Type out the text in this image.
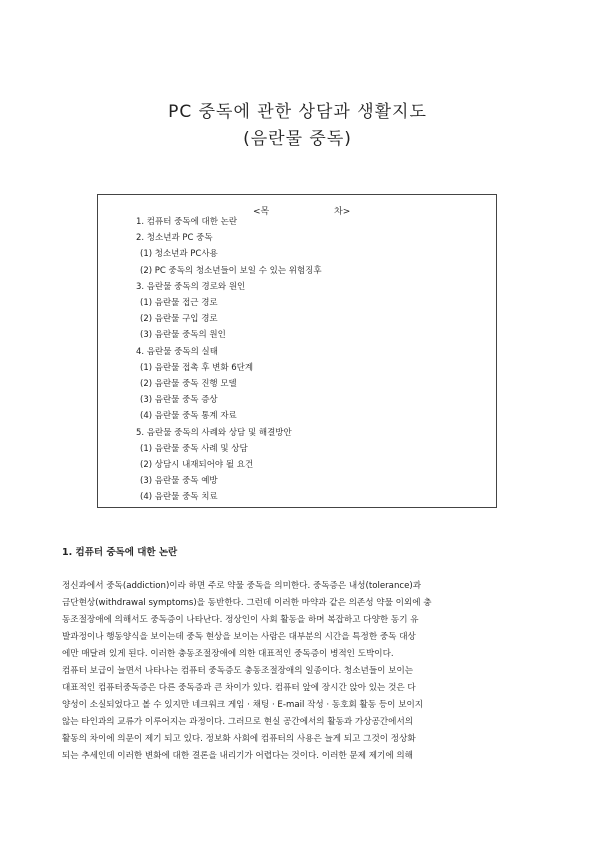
PC 중독에 관한 상담과 생활지도
(음란물 중독)
<목	차>
1. 컴퓨터 중독에 대한 논란
2. 청소년과 PC 중독
(1) 청소년과 PC사용
(2) PC 중독의 청소년들이 보일 수 있는 위험징후
3. 음란물 중독의 경로와 원인
(1) 음란물 접근 경로
(2) 음란물 구입 경로
(3) 음란물 중독의 원인
4. 음란물 중독의 실태
(1) 음란물 접촉 후 변화 6단계
(2) 음란물 중독 진행 모델
(3) 음란물 중독 증상
(4) 음란물 중독 통계 자료
5. 음란물 중독의 사례와 상담 및 해결방안
(1) 음란물 중독 사례 및 상담
(2) 상담시 내재되어야 될 요건
(3) 음란물 중독 예방
(4) 음란물 중독 치료
1. 컴퓨터 중독에 대한 논란
정신과에서 중독(addiction)이라 하면 주로 약물 중독을 의미한다. 중독증은 내성(tolerance)과
금단현상(withdrawal symptoms)을 동반한다. 그런데 이러한 마약과 같은 의존성 약물 이외에 충
동조절장애에 의해서도 중독증이 나타난다. 정상인이 사회 활동을 하며 복잡하고 다양한 동기 유
발과정이나 행동양식을 보이는데 중독 현상을 보이는 사람은 대부분의 시간을 특정한 중독 대상
에만 매달려 있게 된다. 이러한 충동조절장애에 의한 대표적인 중독증이 병적인 도박이다.
컴퓨터 보급이 늘면서 나타나는 컴퓨터 중독증도 충동조절장애의 일종이다. 청소년들이 보이는
대표적인 컴퓨터중독증은 다른 중독증과 큰 차이가 있다. 컴퓨터 앞에 장시간 앉아 있는 것은 다
양성이 소실되었다고 볼 수 있지만 네크워크 게임 · 채팅 · E-mail 작성 · 동호회 활동 등이 보이지
않는 타인과의 교류가 이루어지는 과정이다. 그러므로 현실 공간에서의 활동과 가상공간에서의
활동의 차이에 의문이 제기 되고 있다. 정보화 사회에 컴퓨터의 사용은 늘게 되고 그것이 정상화
되는 추세인데 이러한 변화에 대한 결론을 내리기가 어렵다는 것이다. 이러한 문제 제기에 의해
